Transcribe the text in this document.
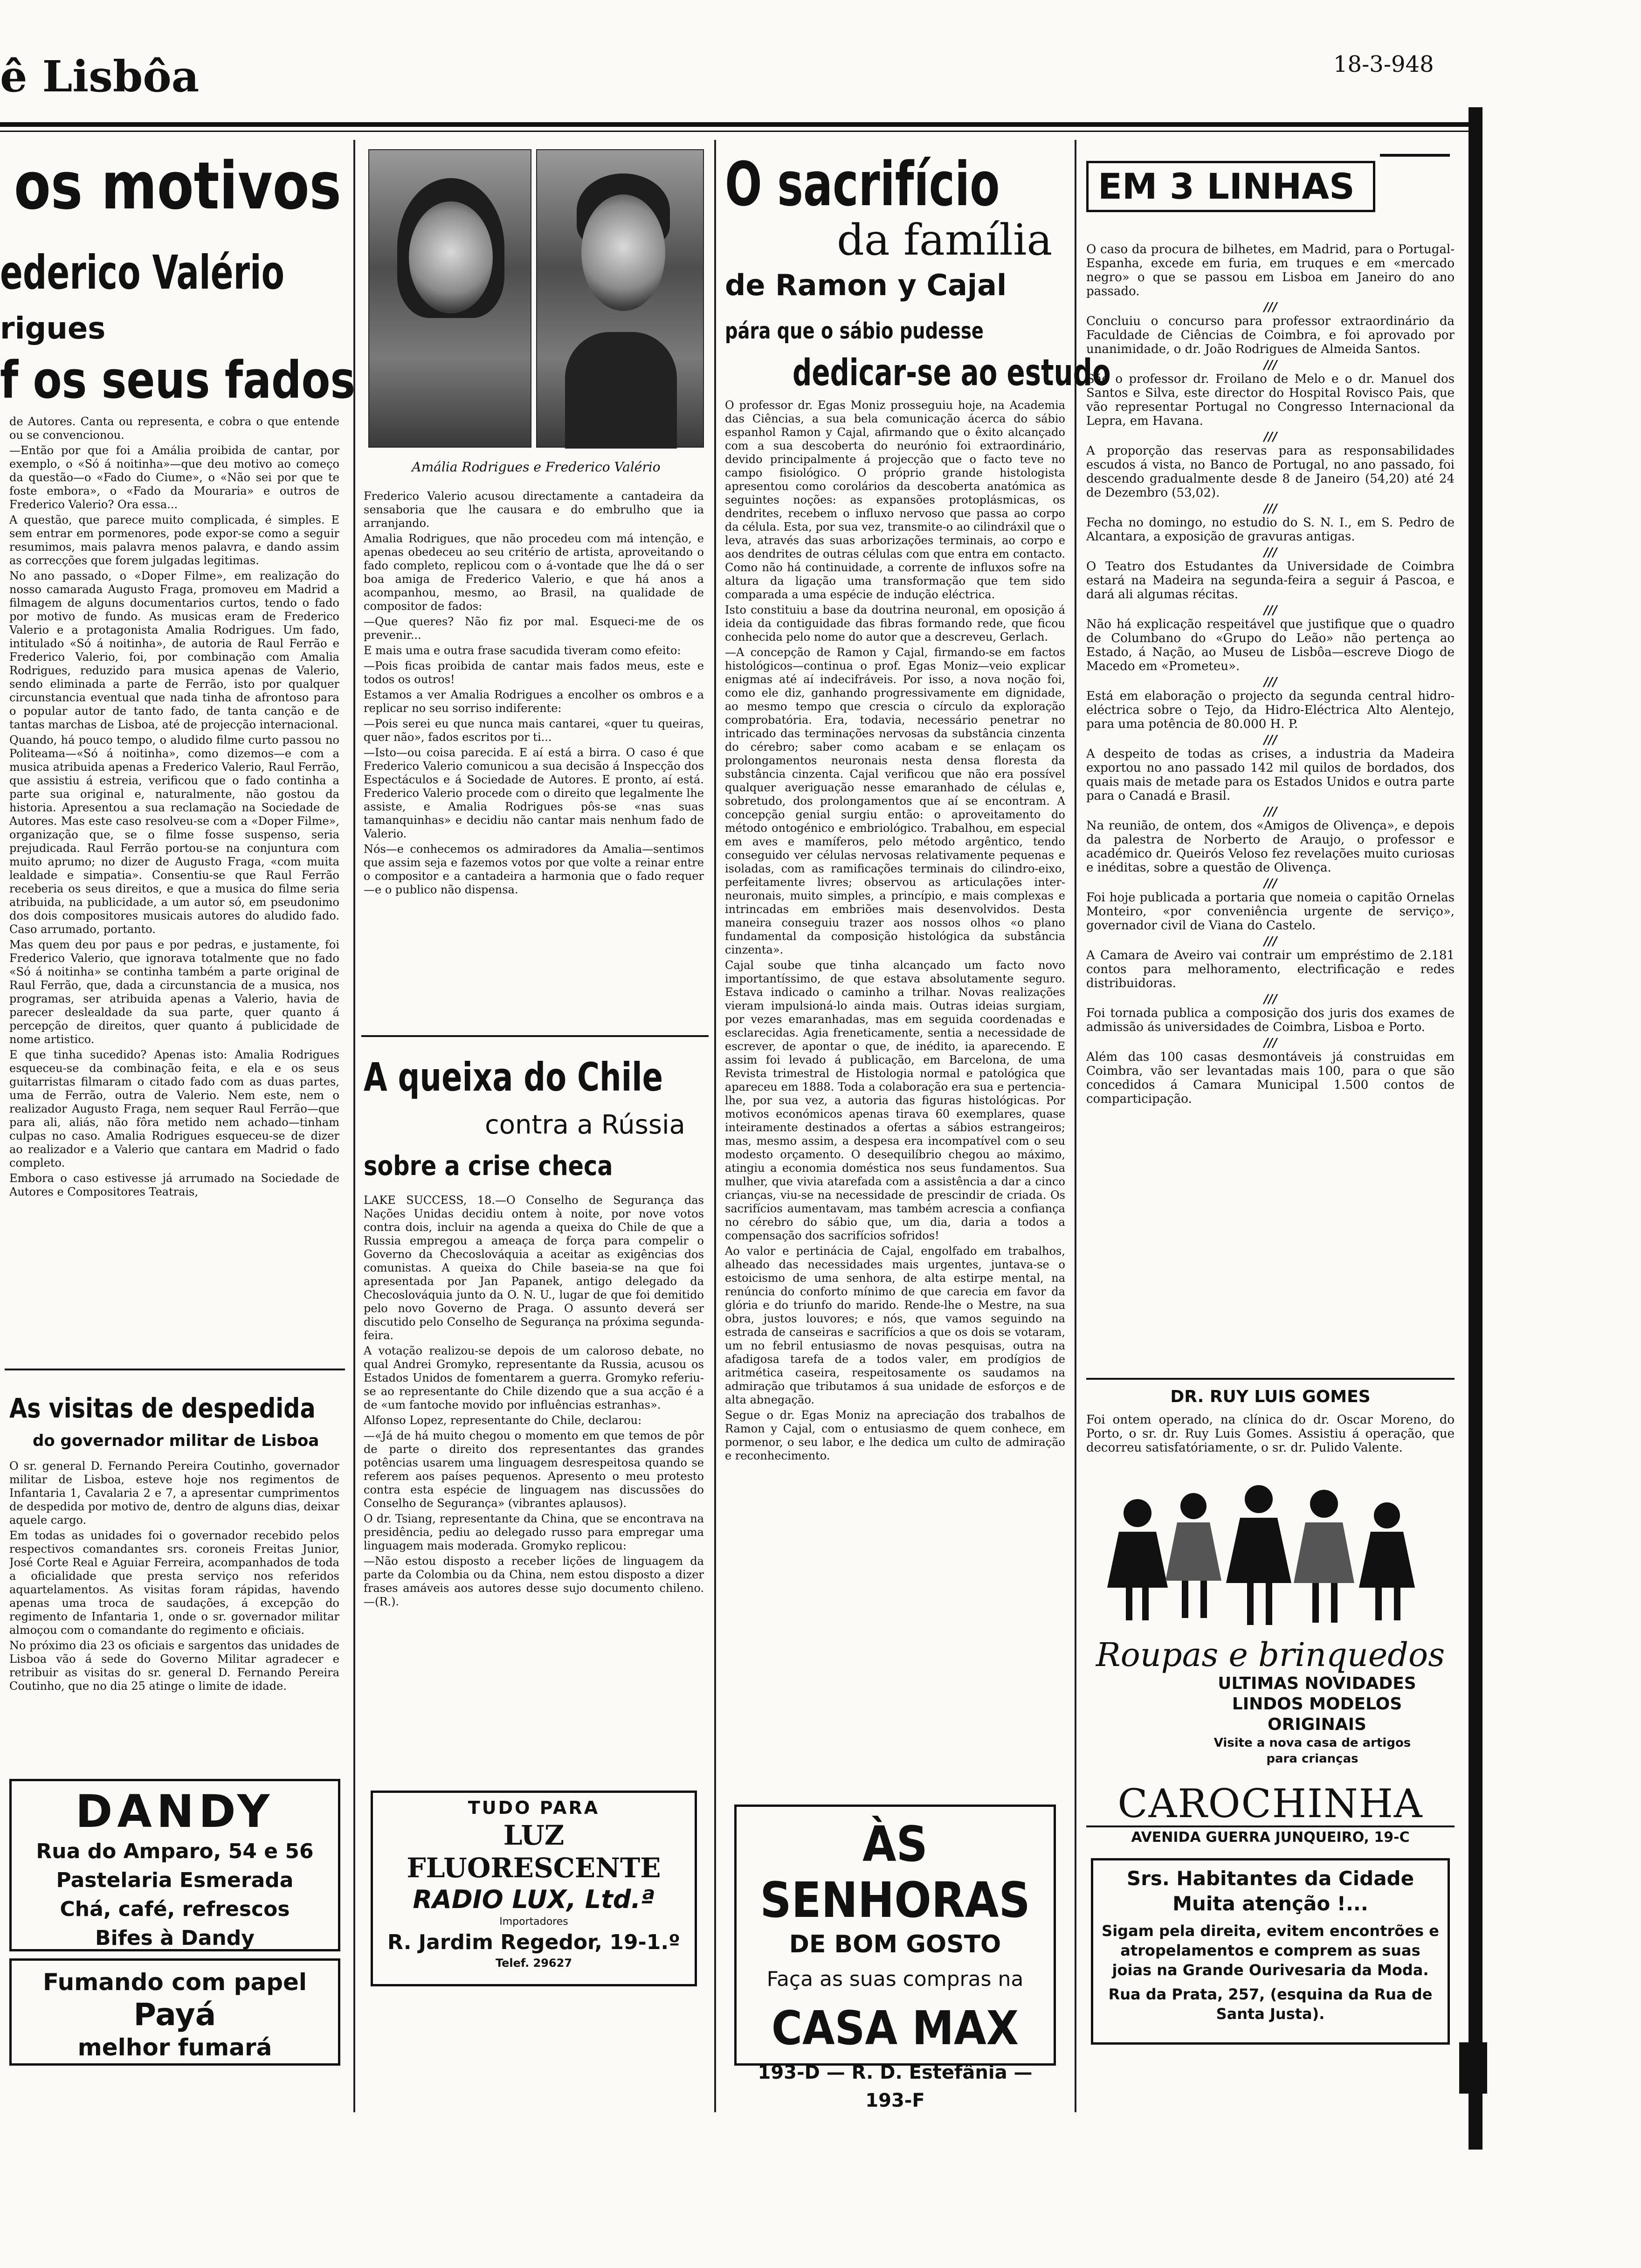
ê Lisbôa	18-3-948
os motivos
ederico Valério
rigues
f os seus fados

de Autores. Canta ou representa, e cobra o que entende ou se convencionou.

—Então por que foi a Amália proibida de cantar, por exemplo, o «Só á noitinha»—que deu motivo ao começo da questão—o «Fado do Ciume», o «Não sei por que te foste embora», o «Fado da Mouraria» e outros de Frederico Valerio? Ora essa...

A questão, que parece muito complicada, é simples. E sem entrar em pormenores, pode expor-se como a seguir resumimos, mais palavra menos palavra, e dando assim as correcções que forem julgadas legitimas.

No ano passado, o «Doper Filme», em realização do nosso camarada Augusto Fraga, promoveu em Madrid a filmagem de alguns documentarios curtos, tendo o fado por motivo de fundo. As musicas eram de Frederico Valerio e a protagonista Amalia Rodrigues. Um fado, intitulado «Só á noitinha», de autoria de Raul Ferrão e Frederico Valerio, foi, por combinação com Amalia Rodrigues, reduzido para musica apenas de Valerio, sendo eliminada a parte de Ferrão, isto por qualquer circunstancia eventual que nada tinha de afrontoso para o popular autor de tanto fado, de tanta canção e de tantas marchas de Lisboa, até de projecção internacional.

Quando, há pouco tempo, o aludido filme curto passou no Politeama—«Só á noitinha», como dizemos—e com a musica atribuida apenas a Frederico Valerio, Raul Ferrão, que assistiu á estreia, verificou que o fado continha a parte sua original e, naturalmente, não gostou da historia. Apresentou a sua reclamação na Sociedade de Autores. Mas este caso resolveu-se com a «Doper Filme», organização que, se o filme fosse suspenso, seria prejudicada. Raul Ferrão portou-se na conjuntura com muito aprumo; no dizer de Augusto Fraga, «com muita lealdade e simpatia». Consentiu-se que Raul Ferrão receberia os seus direitos, e que a musica do filme seria atribuida, na publicidade, a um autor só, em pseudonimo dos dois compositores musicais autores do aludido fado. Caso arrumado, portanto.

Mas quem deu por paus e por pedras, e justamente, foi Frederico Valerio, que ignorava totalmente que no fado «Só á noitinha» se continha também a parte original de Raul Ferrão, que, dada a circunstancia de a musica, nos programas, ser atribuida apenas a Valerio, havia de parecer deslealdade da sua parte, quer quanto á percepção de direitos, quer quanto á publicidade de nome artistico.

E que tinha sucedido? Apenas isto: Amalia Rodrigues esqueceu-se da combinação feita, e ela e os seus guitarristas filmaram o citado fado com as duas partes, uma de Ferrão, outra de Valerio. Nem este, nem o realizador Augusto Fraga, nem sequer Raul Ferrão—que para ali, aliás, não fôra metido nem achado—tinham culpas no caso. Amalia Rodrigues esqueceu-se de dizer ao realizador e a Valerio que cantara em Madrid o fado completo.

Embora o caso estivesse já arrumado na Sociedade de Autores e Compositores Teatrais,

As visitas de despedida
do governador militar de Lisboa

O sr. general D. Fernando Pereira Coutinho, governador militar de Lisboa, esteve hoje nos regimentos de Infantaria 1, Cavalaria 2 e 7, a apresentar cumprimentos de despedida por motivo de, dentro de alguns dias, deixar aquele cargo.

Em todas as unidades foi o governador recebido pelos respectivos comandantes srs. coroneis Freitas Junior, José Corte Real e Aguiar Ferreira, acompanhados de toda a oficialidade que presta serviço nos referidos aquartelamentos. As visitas foram rápidas, havendo apenas uma troca de saudações, á excepção do regimento de Infantaria 1, onde o sr. governador militar almoçou com o comandante do regimento e oficiais.

No próximo dia 23 os oficiais e sargentos das unidades de Lisboa vão á sede do Governo Militar agradecer e retribuir as visitas do sr. general D. Fernando Pereira Coutinho, que no dia 25 atinge o limite de idade.

DANDY
Rua do Amparo, 54 e 56
Pastelaria Esmerada
Chá, café, refrescos
Bifes à Dandy
Fumando com papel
Payá
melhor fumará
Amália Rodrigues e Frederico Valério

Frederico Valerio acusou directamente a cantadeira da sensaboria que lhe causara e do embrulho que ia arranjando.

Amalia Rodrigues, que não procedeu com má intenção, e apenas obedeceu ao seu critério de artista, aproveitando o fado completo, replicou com o á-vontade que lhe dá o ser boa amiga de Frederico Valerio, e que há anos a acompanhou, mesmo, ao Brasil, na qualidade de compositor de fados:

—Que queres? Não fiz por mal. Esqueci-me de os prevenir...

E mais uma e outra frase sacudida tiveram como efeito:

—Pois ficas proibida de cantar mais fados meus, este e todos os outros!

Estamos a ver Amalia Rodrigues a encolher os ombros e a replicar no seu sorriso indiferente:

—Pois serei eu que nunca mais cantarei, «quer tu queiras, quer não», fados escritos por ti...

—Isto—ou coisa parecida. E aí está a birra. O caso é que Frederico Valerio comunicou a sua decisão á Inspecção dos Espectáculos e á Sociedade de Autores. E pronto, aí está. Frederico Valerio procede com o direito que legalmente lhe assiste, e Amalia Rodrigues pôs-se «nas suas tamanquinhas» e decidiu não cantar mais nenhum fado de Valerio.

Nós—e conhecemos os admiradores da Amalia—sentimos que assim seja e fazemos votos por que volte a reinar entre o compositor e a cantadeira a harmonia que o fado requer—e o publico não dispensa.

A queixa do Chile
contra a Rússia
sobre a crise checa

LAKE SUCCESS, 18.—O Conselho de Segurança das Nações Unidas decidiu ontem à noite, por nove votos contra dois, incluir na agenda a queixa do Chile de que a Russia empregou a ameaça de força para compelir o Governo da Checoslováquia a aceitar as exigências dos comunistas. A queixa do Chile baseia-se na que foi apresentada por Jan Papanek, antigo delegado da Checoslováquia junto da O. N. U., lugar de que foi demitido pelo novo Governo de Praga. O assunto deverá ser discutido pelo Conselho de Segurança na próxima segunda-feira.

A votação realizou-se depois de um caloroso debate, no qual Andrei Gromyko, representante da Russia, acusou os Estados Unidos de fomentarem a guerra. Gromyko referiu-se ao representante do Chile dizendo que a sua acção é a de «um fantoche movido por influências estranhas».

Alfonso Lopez, representante do Chile, declarou:

—«Já de há muito chegou o momento em que temos de pôr de parte o direito dos representantes das grandes potências usarem uma linguagem desrespeitosa quando se referem aos países pequenos. Apresento o meu protesto contra esta espécie de linguagem nas discussões do Conselho de Segurança» (vibrantes aplausos).

O dr. Tsiang, representante da China, que se encontrava na presidência, pediu ao delegado russo para empregar uma linguagem mais moderada. Gromyko replicou:

—Não estou disposto a receber lições de linguagem da parte da Colombia ou da China, nem estou disposto a dizer frases amáveis aos autores desse sujo documento chileno.—(R.).

TUDO PARA
LUZ FLUORESCENTE
RADIO LUX, Ltd.ª
Importadores
R. Jardim Regedor, 19-1.º
Telef. 29627
O sacrifício
da família
de Ramon y Cajal
pára que o sábio pudesse
dedicar-se ao estudo

O professor dr. Egas Moniz prosseguiu hoje, na Academia das Ciências, a sua bela comunicação ácerca do sábio espanhol Ramon y Cajal, afirmando que o êxito alcançado com a sua descoberta do neurónio foi extraordinário, devido principalmente á projecção que o facto teve no campo fisiológico. O próprio grande histologista apresentou como corolários da descoberta anatómica as seguintes noções: as expansões protoplásmicas, os dendrites, recebem o influxo nervoso que passa ao corpo da célula. Esta, por sua vez, transmite-o ao cilindráxil que o leva, através das suas arborizações terminais, ao corpo e aos dendrites de outras células com que entra em contacto. Como não há continuidade, a corrente de influxos sofre na altura da ligação uma transformação que tem sido comparada a uma espécie de indução eléctrica.

Isto constituiu a base da doutrina neuronal, em oposição á ideia da contiguidade das fibras formando rede, que ficou conhecida pelo nome do autor que a descreveu, Gerlach.

—A concepção de Ramon y Cajal, firmando-se em factos histológicos—continua o prof. Egas Moniz—veio explicar enigmas até aí indecifráveis. Por isso, a nova noção foi, como ele diz, ganhando progressivamente em dignidade, ao mesmo tempo que crescia o círculo da exploração comprobatória. Era, todavia, necessário penetrar no intricado das terminações nervosas da substância cinzenta do cérebro; saber como acabam e se enlaçam os prolongamentos neuronais nesta densa floresta da substância cinzenta. Cajal verificou que não era possível qualquer averiguação nesse emaranhado de células e, sobretudo, dos prolongamentos que aí se encontram. A concepção genial surgiu então: o aproveitamento do método ontogénico e embriológico. Trabalhou, em especial em aves e mamíferos, pelo método argêntico, tendo conseguido ver células nervosas relativamente pequenas e isoladas, com as ramificações terminais do cilindro-eixo, perfeitamente livres; observou as articulações inter-neuronais, muito simples, a princípio, e mais complexas e intrincadas em embriões mais desenvolvidos. Desta maneira conseguiu trazer aos nossos olhos «o plano fundamental da composição histológica da substância cinzenta».

Cajal soube que tinha alcançado um facto novo importantíssimo, de que estava absolutamente seguro. Estava indicado o caminho a trilhar. Novas realizações vieram impulsioná-lo ainda mais. Outras ideias surgiam, por vezes emaranhadas, mas em seguida coordenadas e esclarecidas. Agia freneticamente, sentia a necessidade de escrever, de apontar o que, de inédito, ia aparecendo. E assim foi levado á publicação, em Barcelona, de uma Revista trimestral de Histologia normal e patológica que apareceu em 1888. Toda a colaboração era sua e pertencia-lhe, por sua vez, a autoria das figuras histológicas. Por motivos económicos apenas tirava 60 exemplares, quase inteiramente destinados a ofertas a sábios estrangeiros; mas, mesmo assim, a despesa era incompatível com o seu modesto orçamento. O desequilíbrio chegou ao máximo, atingiu a economia doméstica nos seus fundamentos. Sua mulher, que vivia atarefada com a assistência a dar a cinco crianças, viu-se na necessidade de prescindir de criada. Os sacrifícios aumentavam, mas também acrescia a confiança no cérebro do sábio que, um dia, daria a todos a compensação dos sacrifícios sofridos!

Ao valor e pertinácia de Cajal, engolfado em trabalhos, alheado das necessidades mais urgentes, juntava-se o estoicismo de uma senhora, de alta estirpe mental, na renúncia do conforto mínimo de que carecia em favor da glória e do triunfo do marido. Rende-lhe o Mestre, na sua obra, justos louvores; e nós, que vamos seguindo na estrada de canseiras e sacrifícios a que os dois se votaram, um no febril entusiasmo de novas pesquisas, outra na afadigosa tarefa de a todos valer, em prodígios de aritmética caseira, respeitosamente os saudamos na admiração que tributamos á sua unidade de esforços e de alta abnegação.

Segue o dr. Egas Moniz na apreciação dos trabalhos de Ramon y Cajal, com o entusiasmo de quem conhece, em pormenor, o seu labor, e lhe dedica um culto de admiração e reconhecimento.

ÀS SENHORAS
DE BOM GOSTO
Faça as suas compras na
CASA MAX
193-D — R. D. Estefânia — 193-F
EM 3 LINHAS

O caso da procura de bilhetes, em Madrid, para o Portugal-Espanha, excede em furia, em truques e em «mercado negro» o que se passou em Lisboa em Janeiro do ano passado.

///

Concluiu o concurso para professor extraordinário da Faculdade de Ciências de Coimbra, e foi aprovado por unanimidade, o dr. João Rodrigues de Almeida Santos.

///

São o professor dr. Froilano de Melo e o dr. Manuel dos Santos e Silva, este director do Hospital Rovisco Pais, que vão representar Portugal no Congresso Internacional da Lepra, em Havana.

///

A proporção das reservas para as responsabilidades escudos á vista, no Banco de Portugal, no ano passado, foi descendo gradualmente desde 8 de Janeiro (54,20) até 24 de Dezembro (53,02).

///

Fecha no domingo, no estudio do S. N. I., em S. Pedro de Alcantara, a exposição de gravuras antigas.

///

O Teatro dos Estudantes da Universidade de Coimbra estará na Madeira na segunda-feira a seguir á Pascoa, e dará ali algumas récitas.

///

Não há explicação respeitável que justifique que o quadro de Columbano do «Grupo do Leão» não pertença ao Estado, á Nação, ao Museu de Lisbôa—escreve Diogo de Macedo em «Prometeu».

///

Está em elaboração o projecto da segunda central hidro-eléctrica sobre o Tejo, da Hidro-Eléctrica Alto Alentejo, para uma potência de 80.000 H. P.

///

A despeito de todas as crises, a industria da Madeira exportou no ano passado 142 mil quilos de bordados, dos quais mais de metade para os Estados Unidos e outra parte para o Canadá e Brasil.

///

Na reunião, de ontem, dos «Amigos de Olivença», e depois da palestra de Norberto de Araujo, o professor e académico dr. Queirós Veloso fez revelações muito curiosas e inéditas, sobre a questão de Olivença.

///

Foi hoje publicada a portaria que nomeia o capitão Ornelas Monteiro, «por conveniência urgente de serviço», governador civil de Viana do Castelo.

///

A Camara de Aveiro vai contrair um empréstimo de 2.181 contos para melhoramento, electrificação e redes distribuidoras.

///

Foi tornada publica a composição dos juris dos exames de admissão ás universidades de Coimbra, Lisboa e Porto.

///

Além das 100 casas desmontáveis já construidas em Coimbra, vão ser levantadas mais 100, para o que são concedidos á Camara Municipal 1.500 contos de comparticipação.

DR. RUY LUIS GOMES
Foi ontem operado, na clínica do dr. Oscar Moreno, do Porto, o sr. dr. Ruy Luis Gomes. Assistiu á operação, que decorreu satisfatóriamente, o sr. dr. Pulido Valente.
Roupas e brinquedos
ULTIMAS NOVIDADES
LINDOS MODELOS
ORIGINAIS
Visite a nova casa de artigos para crianças
CAROCHINHA
AVENIDA GUERRA JUNQUEIRO, 19-C
Srs. Habitantes da Cidade
Muita atenção !...
Sigam pela direita, evitem encontrões e atropelamentos e comprem as suas joias na Grande Ourivesaria da Moda.
Rua da Prata, 257, (esquina da Rua de Santa Justa).
